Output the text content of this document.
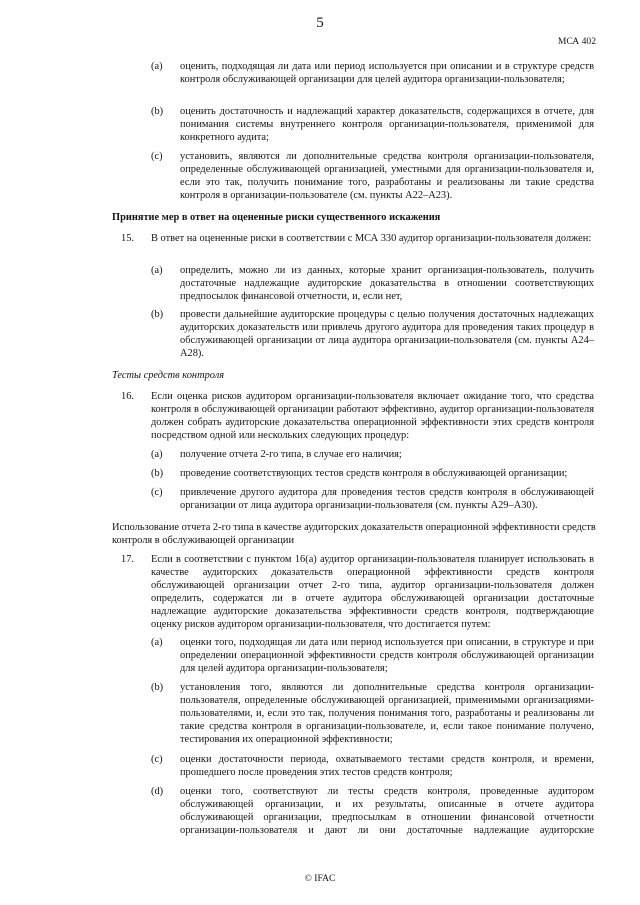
5
МСА 402
(a) оценить, подходящая ли дата или период используется при описании и в структуре средств контроля обслуживающей организации для целей аудитора организации-пользователя;
(b) оценить достаточность и надлежащий характер доказательств, содержащихся в отчете, для понимания системы внутреннего контроля организации-пользователя, применимой для конкретного аудита;
(c) установить, являются ли дополнительные средства контроля организации-пользователя, определенные обслуживающей организацией, уместными для организации-пользователя и, если это так, получить понимание того, разработаны и реализованы ли такие средства контроля в организации-пользователе (см. пункты A22–A23).
Принятие мер в ответ на оцененные риски существенного искажения
15. В ответ на оцененные риски в соответствии с МСА 330 аудитор организации-пользователя должен:
(a) определить, можно ли из данных, которые хранит организация-пользователь, получить достаточные надлежащие аудиторские доказательства в отношении соответствующих предпосылок финансовой отчетности, и, если нет,
(b) провести дальнейшие аудиторские процедуры с целью получения достаточных надлежащих аудиторских доказательств или привлечь другого аудитора для проведения таких процедур в обслуживающей организации от лица аудитора организации-пользователя (см. пункты A24–A28).
Тесты средств контроля
16. Если оценка рисков аудитором организации-пользователя включает ожидание того, что средства контроля в обслуживающей организации работают эффективно, аудитор организации-пользователя должен собрать аудиторские доказательства операционной эффективности этих средств контроля посредством одной или нескольких следующих процедур:
(a) получение отчета 2-го типа, в случае его наличия;
(b) проведение соответствующих тестов средств контроля в обслуживающей организации;
(c) привлечение другого аудитора для проведения тестов средств контроля в обслуживающей организации от лица аудитора организации-пользователя (см. пункты A29–A30).
Использование отчета 2-го типа в качестве аудиторских доказательств операционной эффективности средств контроля в обслуживающей организации
17. Если в соответствии с пунктом 16(a) аудитор организации-пользователя планирует использовать в качестве аудиторских доказательств операционной эффективности средств контроля обслуживающей организации отчет 2-го типа, аудитор организации-пользователя должен определить, содержатся ли в отчете аудитора обслуживающей организации достаточные надлежащие аудиторские доказательства эффективности средств контроля, подтверждающие оценку рисков аудитором организации-пользователя, что достигается путем:
(a) оценки того, подходящая ли дата или период используется при описании, в структуре и при определении операционной эффективности средств контроля обслуживающей организации для целей аудитора организации-пользователя;
(b) установления того, являются ли дополнительные средства контроля организации-пользователя, определенные обслуживающей организацией, применимыми организациями-пользователями, и, если это так, получения понимания того, разработаны и реализованы ли такие средства контроля в организации-пользователе, и, если такое понимание получено, тестирования их операционной эффективности;
(c) оценки достаточности периода, охватываемого тестами средств контроля, и времени, прошедшего после проведения этих тестов средств контроля;
(d) оценки того, соответствуют ли тесты средств контроля, проведенные аудитором обслуживающей организации, и их результаты, описанные в отчете аудитора обслуживающей организации, предпосылкам в отношении финансовой отчетности организации-пользователя и дают ли они достаточные надлежащие аудиторские
© IFAC
